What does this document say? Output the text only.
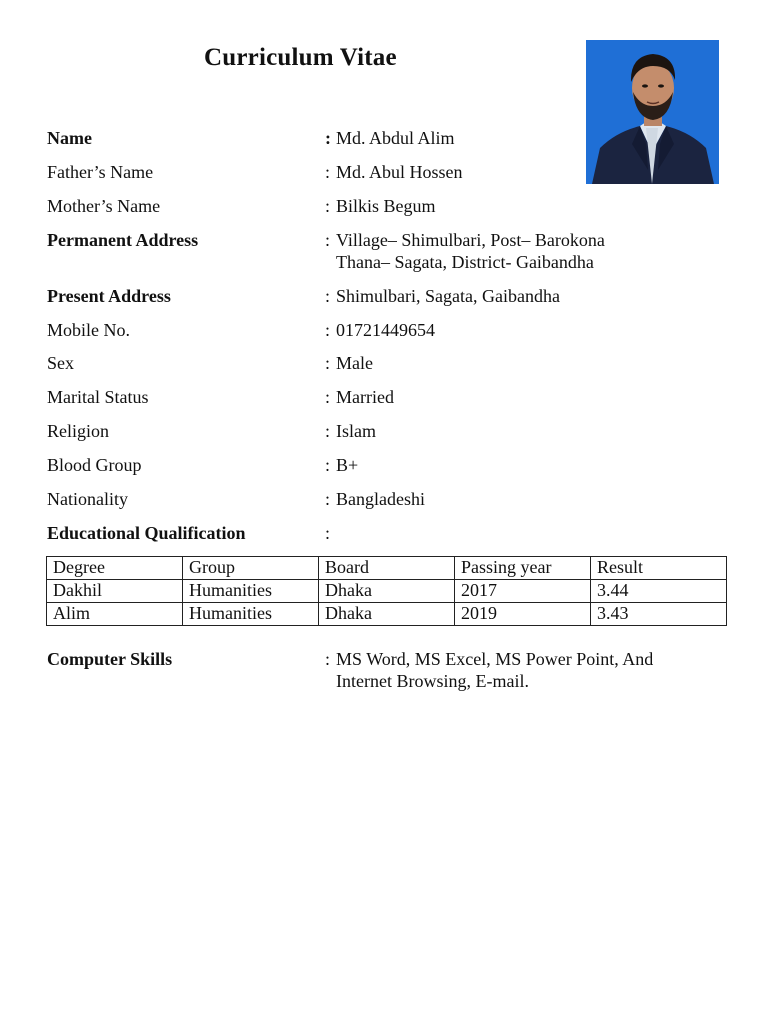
Curriculum Vitae
Name	: Md. Abdul Alim
Father’s Name	: Md. Abul Hossen
Mother’s Name	: Bilkis Begum
Permanent Address	: Village– Shimulbari, Post– Barokona
Thana– Sagata, District- Gaibandha
Present Address	: Shimulbari, Sagata, Gaibandha
Mobile No.	: 01721449654
Sex	: Male
Marital Status	: Married
Religion	: Islam
Blood Group	: B+
Nationality	: Bangladeshi
Educational Qualification	:
Degree	Group	Board	Passing year	Result
Dakhil	Humanities	Dhaka	2017	3.44
Alim	Humanities	Dhaka	2019	3.43
Computer Skills	: MS Word, MS Excel, MS Power Point, And
Internet Browsing, E-mail.
